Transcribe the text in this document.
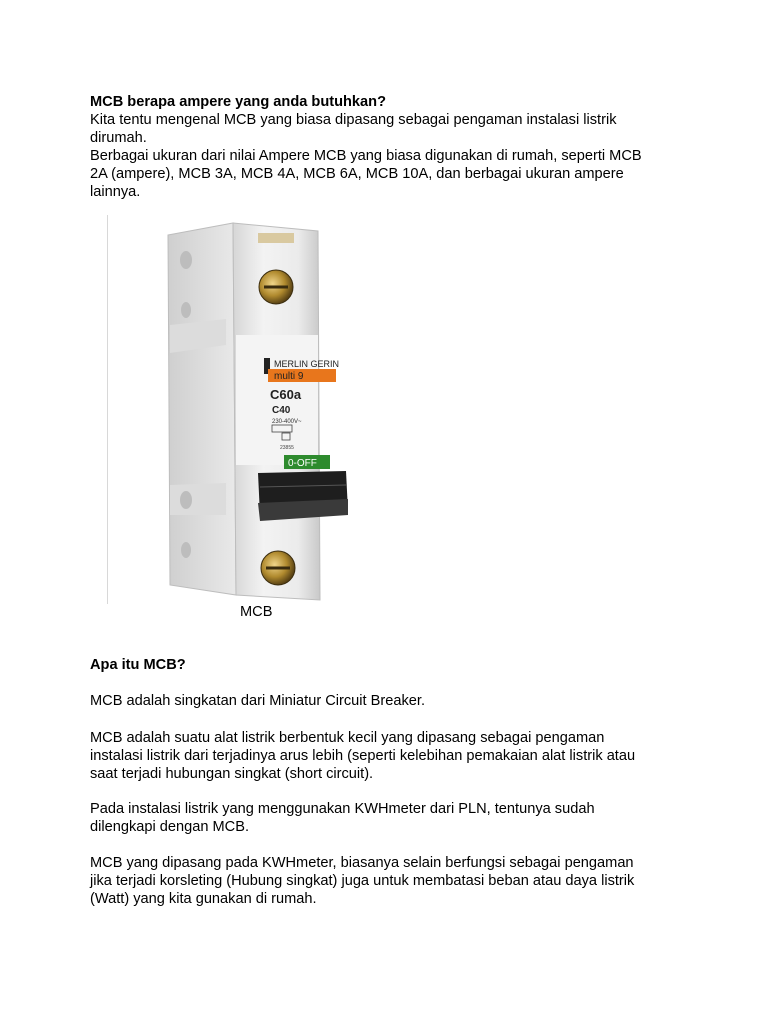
MCB berapa ampere yang anda butuhkan?

Kita tentu mengenal MCB yang biasa dipasang sebagai pengaman instalasi listrik

dirumah.

Berbagai ukuran dari nilai Ampere MCB yang biasa digunakan di rumah, seperti MCB

2A (ampere), MCB 3A, MCB 4A, MCB 6A, MCB 10A, dan berbagai ukuran ampere

lainnya.

MERLIN GERIN
multi 9
C60a
C40
230-400V~
23855
0-OFF
MCB
Apa itu MCB?

MCB adalah singkatan dari Miniatur Circuit Breaker.

MCB adalah suatu alat listrik berbentuk kecil yang dipasang sebagai pengaman

instalasi listrik dari terjadinya arus lebih (seperti kelebihan pemakaian alat listrik atau

saat terjadi hubungan singkat (short circuit).

Pada instalasi listrik yang menggunakan KWHmeter dari PLN, tentunya sudah

dilengkapi dengan MCB.

MCB yang dipasang pada KWHmeter, biasanya selain berfungsi sebagai pengaman

jika terjadi korsleting (Hubung singkat) juga untuk membatasi beban atau daya listrik

(Watt) yang kita gunakan di rumah.
